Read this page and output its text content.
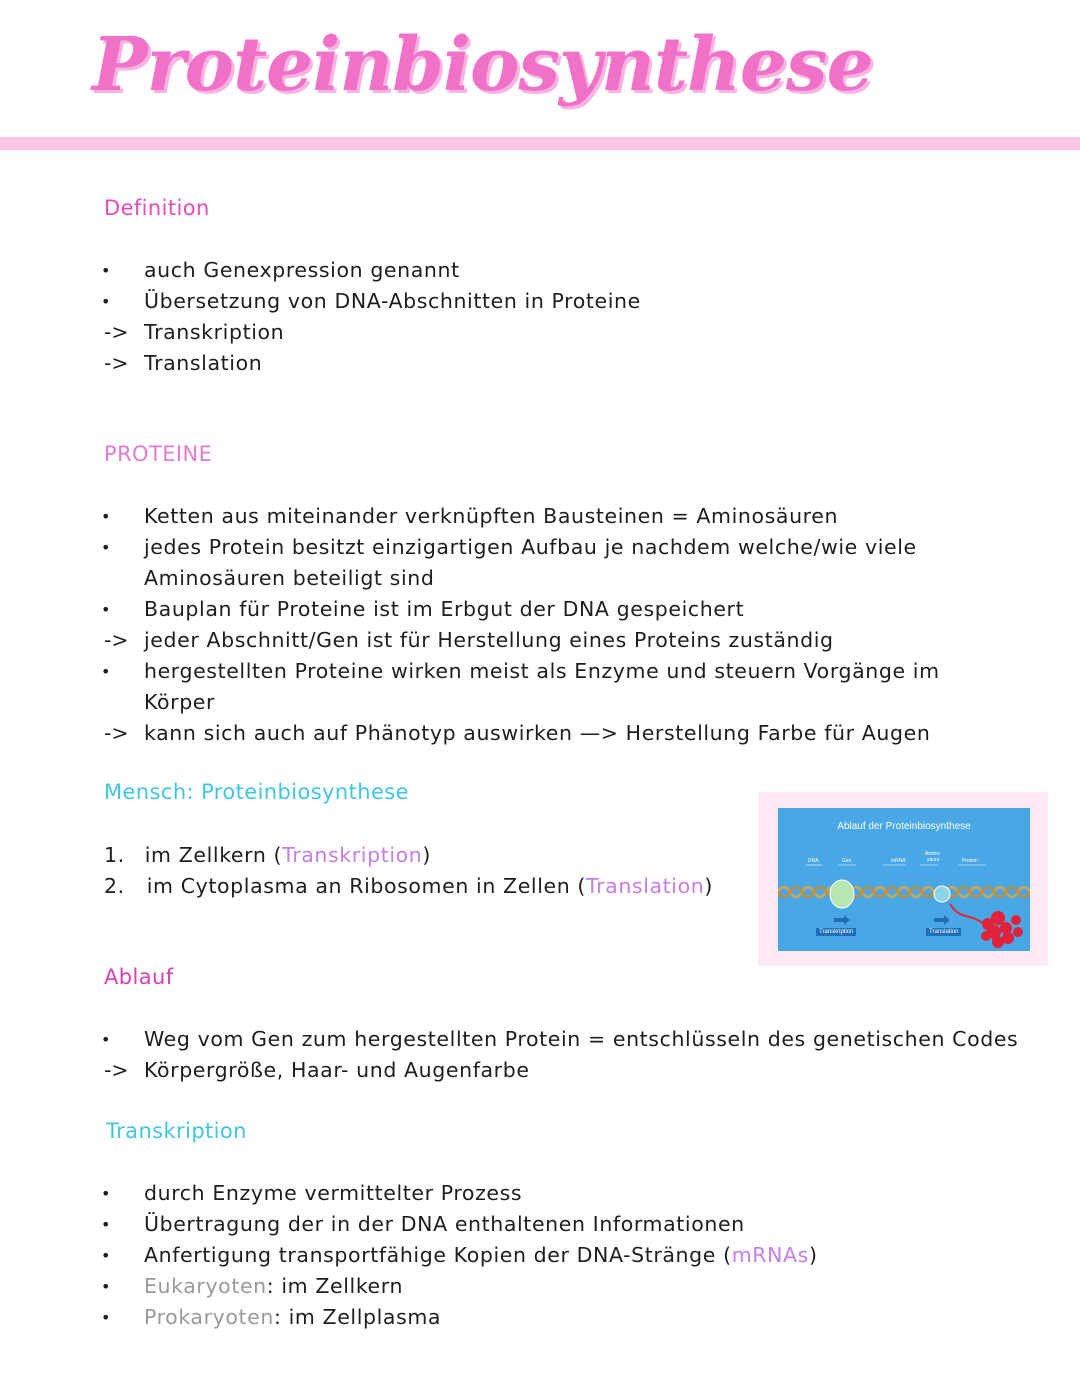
Proteinbiosynthese
Definition
•	auch Genexpression genannt
•	Übersetzung von DNA-Abschnitten in Proteine
-> Transkription
-> Translation
PROTEINE
•	Ketten aus miteinander verknüpften Bausteinen = Aminosäuren
•	jedes Protein besitzt einzigartigen Aufbau je nachdem welche/wie viele
Aminosäuren beteiligt sind
•	Bauplan für Proteine ist im Erbgut der DNA gespeichert
-> jeder Abschnitt/Gen ist für Herstellung eines Proteins zuständig
•	hergestellten Proteine wirken meist als Enzyme und steuern Vorgänge im
Körper
-> kann sich auch auf Phänotyp auswirken —> Herstellung Farbe für Augen
Mensch: Proteinbiosynthese
1. im Zellkern (Transkription)
2. im Cytoplasma an Ribosomen in Zellen (Translation)
Ablauf der Proteinbiosynthese
DNA	Gen	mRNA
Amino-
säure	Protein
Transkription	Translation
Ablauf
•	Weg vom Gen zum hergestellten Protein = entschlüsseln des genetischen Codes
-> Körpergröße, Haar- und Augenfarbe
Transkription
•	durch Enzyme vermittelter Prozess
•	Übertragung der in der DNA enthaltenen Informationen
•	Anfertigung transportfähige Kopien der DNA-Stränge (mRNAs)
•	Eukaryoten: im Zellkern
•	Prokaryoten: im Zellplasma
